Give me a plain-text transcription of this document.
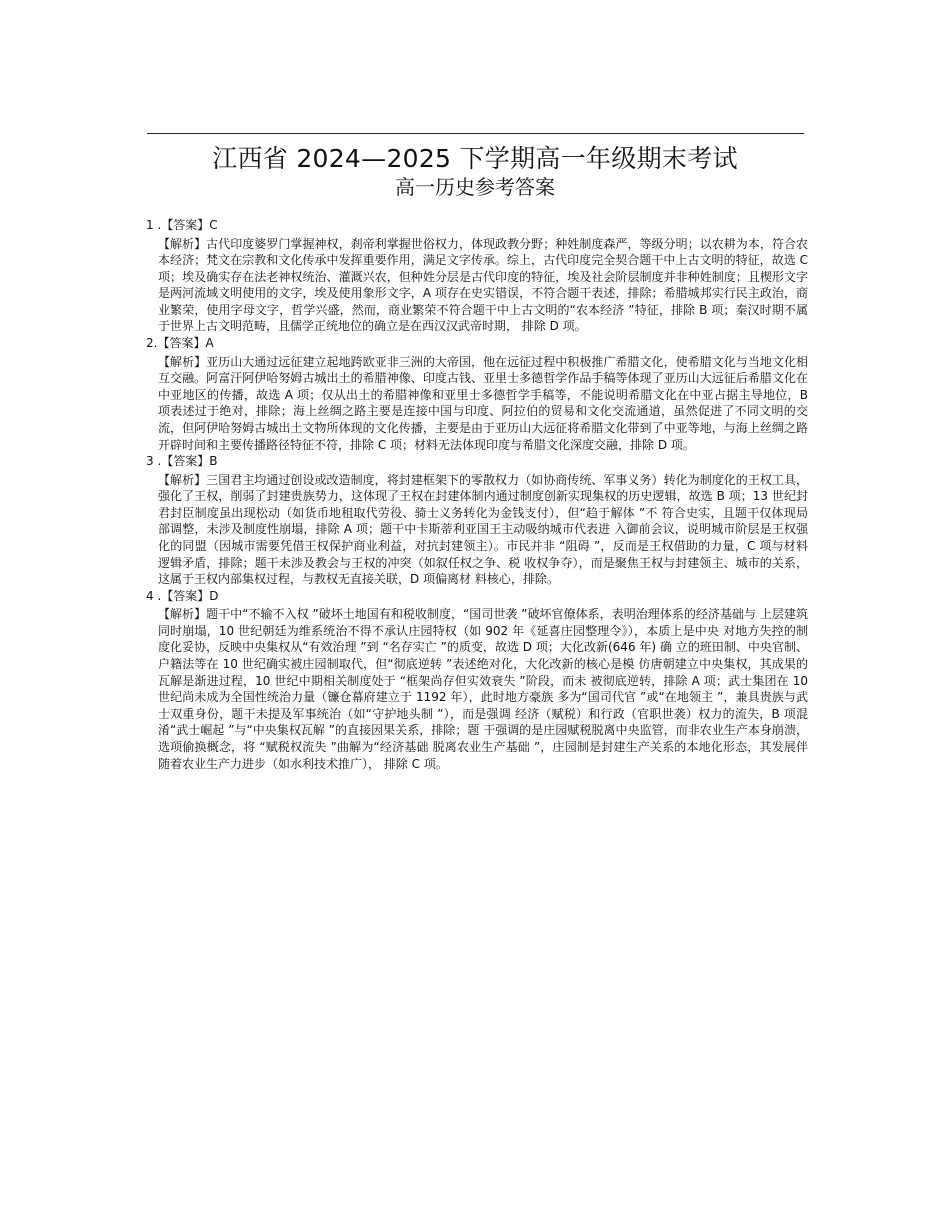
江西省 2024—2025 下学期高一年级期末考试
高一历史参考答案

1 .【答案】C

【解析】古代印度婆罗门掌握神权，刹帝利掌握世俗权力，体现政教分野；种姓制度森严，等级分明；以农耕为本，符合农本经济；梵文在宗教和文化传承中发挥重要作用，满足文字传承。综上，古代印度完全契合题干中上古文明的特征，故选 C 项；埃及确实存在法老神权统治、灌溉兴农，但种姓分层是古代印度的特征，埃及社会阶层制度并非种姓制度；且楔形文字是两河流域文明使用的文字，埃及使用象形文字，A 项存在史实错误，不符合题干表述，排除；希腊城邦实行民主政治，商业繁荣，使用字母文字，哲学兴盛，然而，商业繁荣不符合题干中上古文明的“农本经济 ”特征，排除 B 项；秦汉时期不属于世界上古文明范畴，且儒学正统地位的确立是在西汉汉武帝时期， 排除 D 项。

2.【答案】A

【解析】亚历山大通过远征建立起地跨欧亚非三洲的大帝国，他在远征过程中积极推广希腊文化，使希腊文化与当地文化相互交融。阿富汗阿伊哈努姆古城出土的希腊神像、印度古钱、亚里士多德哲学作品手稿等体现了亚历山大远征后希腊文化在中亚地区的传播，故选 A 项；仅从出土的希腊神像和亚里士多德哲学手稿等，不能说明希腊文化在中亚占据主导地位，B 项表述过于绝对，排除；海上丝绸之路主要是连接中国与印度、阿拉伯的贸易和文化交流通道，虽然促进了不同文明的交流，但阿伊哈努姆古城出土文物所体现的文化传播，主要是由于亚历山大远征将希腊文化带到了中亚等地，与海上丝绸之路开辟时间和主要传播路径特征不符，排除 C 项；材料无法体现印度与希腊文化深度交融，排除 D 项。

3 .【答案】B

【解析】三国君主均通过创设或改造制度，将封建框架下的零散权力（如协商传统、军事义务）转化为制度化的王权工具，强化了王权，削弱了封建贵族势力，这体现了王权在封建体制内通过制度创新实现集权的历史逻辑，故选 B 项；13 世纪封君封臣制度虽出现松动（如货币地租取代劳役、骑士义务转化为金钱支付），但“趋于解体 ”不 符合史实，且题干仅体现局部调整，未涉及制度性崩塌，排除 A 项；题干中卡斯蒂利亚国王主动吸纳城市代表进 入御前会议，说明城市阶层是王权强化的同盟（因城市需要凭借王权保护商业利益，对抗封建领主）。市民并非 “阻碍 ”，反而是王权借助的力量，C 项与材料逻辑矛盾，排除；题干未涉及教会与王权的冲突（如叙任权之争、税 收权争夺），而是聚焦王权与封建领主、城市的关系，这属于王权内部集权过程，与教权无直接关联，D 项偏离材 料核心，排除。

4 .【答案】D

【解析】题干中“不输不入权 ”破坏土地国有和税收制度，“国司世袭 ”破坏官僚体系，表明治理体系的经济基础与 上层建筑同时崩塌，10 世纪朝廷为维系统治不得不承认庄园特权（如 902 年《延喜庄园整理令》），本质上是中央 对地方失控的制度化妥协，反映中央集权从“有效治理 ”到 “名存实亡 ”的质变，故选 D 项；大化改新(646 年) 确 立的班田制、中央官制、户籍法等在 10 世纪确实被庄园制取代，但“彻底逆转 ”表述绝对化，大化改新的核心是模 仿唐朝建立中央集权，其成果的瓦解是渐进过程，10 世纪中期相关制度处于 “框架尚存但实效衰失 ”阶段，而未 被彻底逆转，排除 A 项；武士集团在 10 世纪尚未成为全国性统治力量（镰仓幕府建立于 1192 年），此时地方豪族 多为“国司代官 ”或“在地领主 ”，兼具贵族与武士双重身份，题干未提及军事统治（如“守护地头制 ”），而是强调 经济（赋税）和行政（官职世袭）权力的流失，B 项混淆“武士崛起 ”与“中央集权瓦解 ”的直接因果关系，排除；题 干强调的是庄园赋税脱离中央监管，而非农业生产本身崩溃，选项偷换概念，将 “赋税权流失 ”曲解为“经济基础 脱离农业生产基础 ”，庄园制是封建生产关系的本地化形态，其发展伴随着农业生产力进步（如水利技术推广）， 排除 C 项。
